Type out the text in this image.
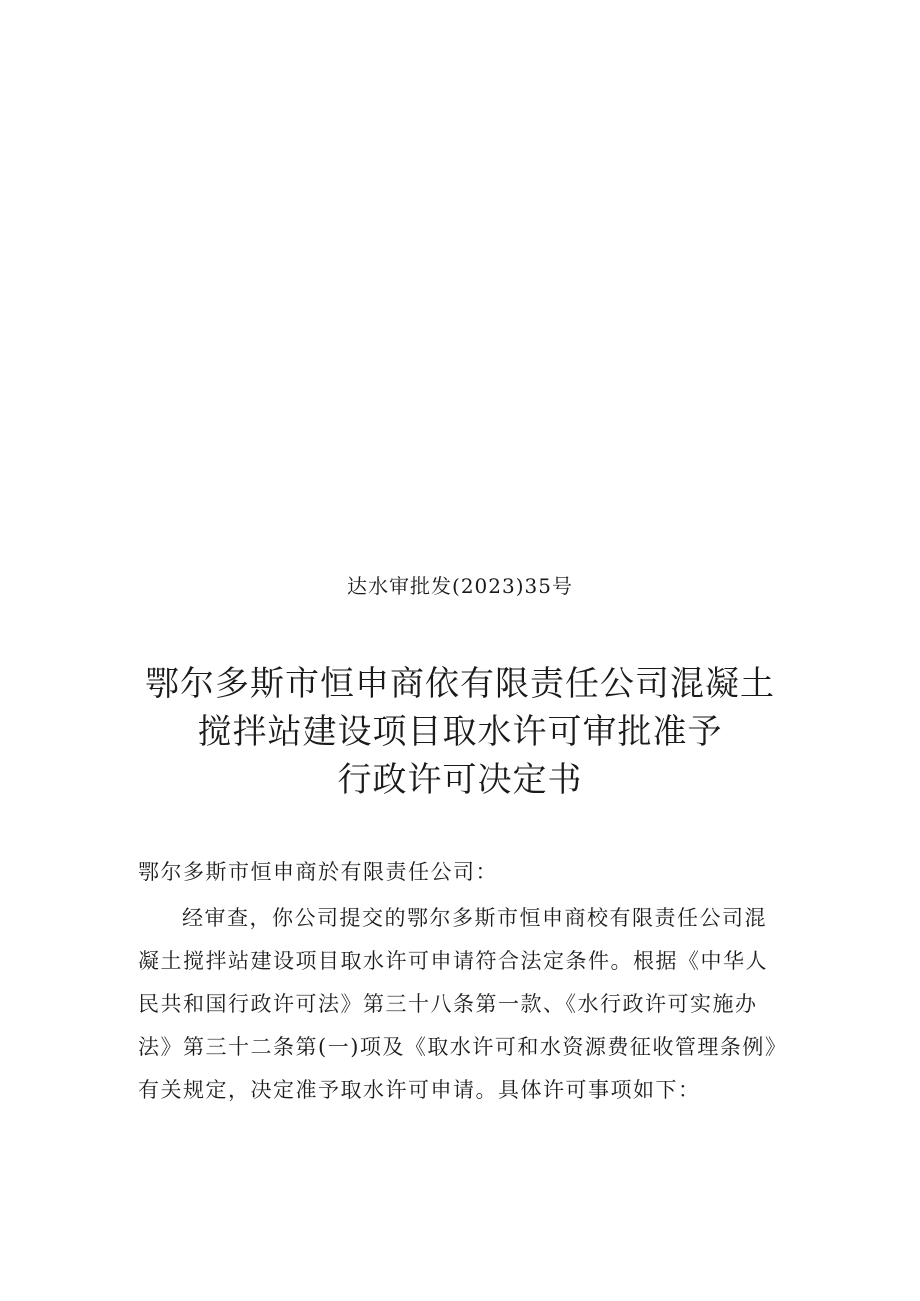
达水审批发(2023)35号
鄂尔多斯市恒申商依有限责任公司混凝土
搅拌站建设项目取水许可审批准予
行政许可决定书
鄂尔多斯市恒申商於有限责任公司：
经审查，你公司提交的鄂尔多斯市恒申商校有限责任公司混
凝土搅拌站建设项目取水许可申请符合法定条件。根据《中华人
民共和国行政许可法》第三十八条第一款、《水行政许可实施办
法》第三十二条第(一)项及《取水许可和水资源费征收管理条例》
有关规定，决定准予取水许可申请。具体许可事项如下：
